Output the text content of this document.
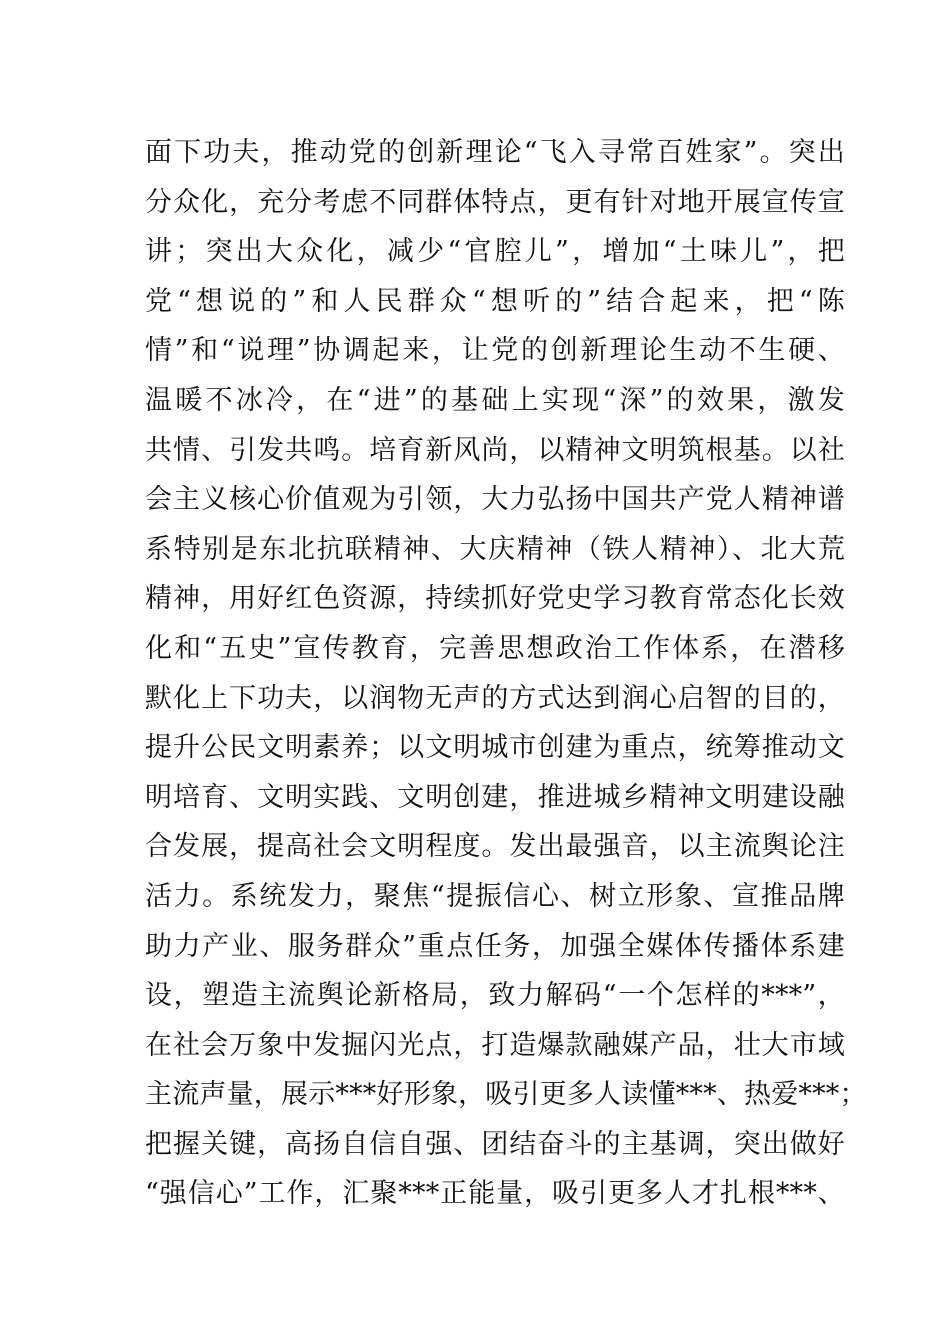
面下功夫，推动党的创新理论“飞入寻常百姓家”。突出
分众化，充分考虑不同群体特点，更有针对地开展宣传宣
讲；突出大众化，减少“官腔儿”，增加“土味儿”，把
党“想说的”和人民群众“想听的”结合起来，把“陈
情”和“说理”协调起来，让党的创新理论生动不生硬、
温暖不冰冷，在“进”的基础上实现“深”的效果，激发
共情、引发共鸣。培育新风尚，以精神文明筑根基。以社
会主义核心价值观为引领，大力弘扬中国共产党人精神谱
系特别是东北抗联精神、大庆精神（铁人精神）、北大荒
精神，用好红色资源，持续抓好党史学习教育常态化长效
化和“五史”宣传教育，完善思想政治工作体系，在潜移
默化上下功夫，以润物无声的方式达到润心启智的目的，
提升公民文明素养；以文明城市创建为重点，统筹推动文
明培育、文明实践、文明创建，推进城乡精神文明建设融
合发展，提高社会文明程度。发出最强音，以主流舆论注
活力。系统发力，聚焦“提振信心、树立形象、宣推品牌
助力产业、服务群众”重点任务，加强全媒体传播体系建
设，塑造主流舆论新格局，致力解码“一个怎样的***”，
在社会万象中发掘闪光点，打造爆款融媒产品，壮大市域
主流声量，展示***好形象，吸引更多人读懂***、热爱***；
把握关键，高扬自信自强、团结奋斗的主基调，突出做好
“强信心”工作，汇聚***正能量，吸引更多人才扎根***、
